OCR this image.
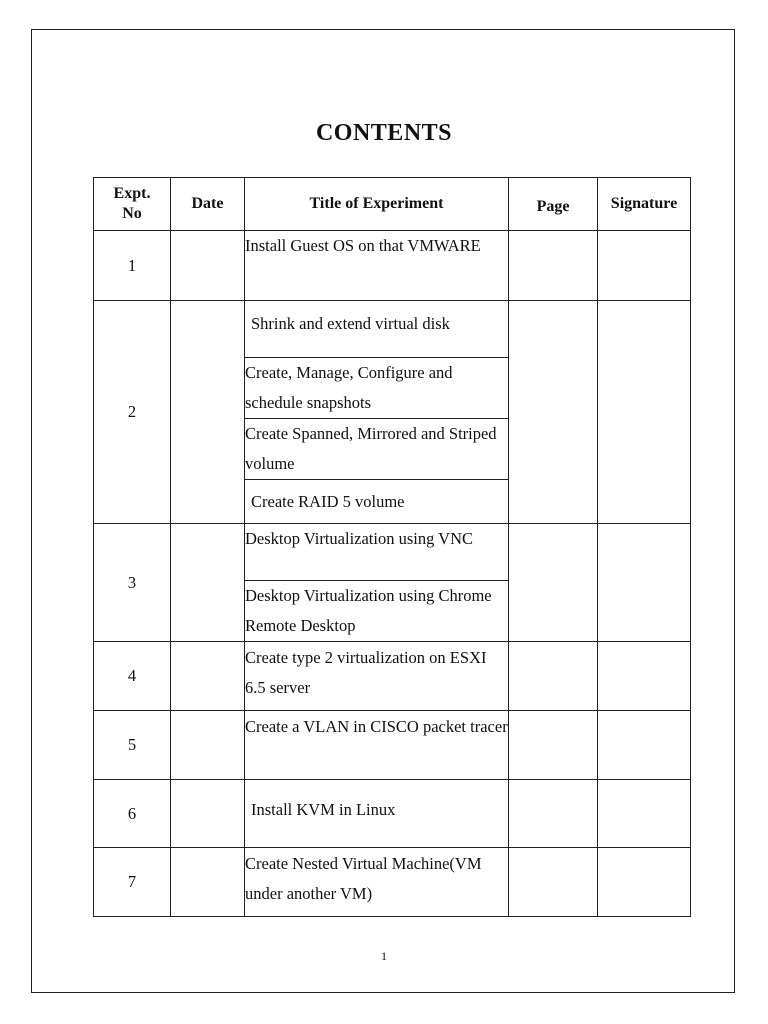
CONTENTS
Expt. No	Date	Title of Experiment	Page	Signature
1		Install Guest OS on that VMWARE		
2		Shrink and extend virtual disk		
		Create, Manage, Configure and schedule snapshots		
		Create Spanned, Mirrored and Striped volume		
		Create RAID 5 volume		
3		Desktop Virtualization using VNC		
		Desktop Virtualization using Chrome Remote Desktop		
4		Create type 2 virtualization on ESXI 6.5 server		
5		Create a VLAN in CISCO packet tracer		
6		Install KVM in Linux		
7		Create Nested Virtual Machine(VM under another VM)		
1
